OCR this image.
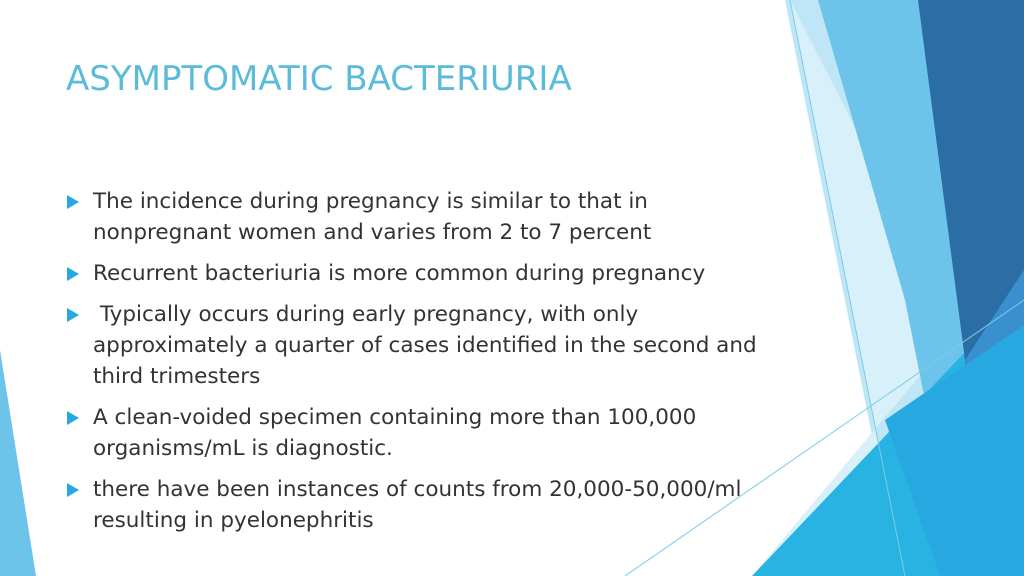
ASYMPTOMATIC BACTERIURIA
The incidence during pregnancy is similar to that in nonpregnant women and varies from 2 to 7 percent
Recurrent bacteriuria is more common during pregnancy
Typically occurs during early pregnancy, with only approximately a quarter of cases identified in the second and third trimesters
A clean-voided specimen containing more than 100,000 organisms/mL is diagnostic.
there have been instances of counts from 20,000-50,000/ml resulting in pyelonephritis
